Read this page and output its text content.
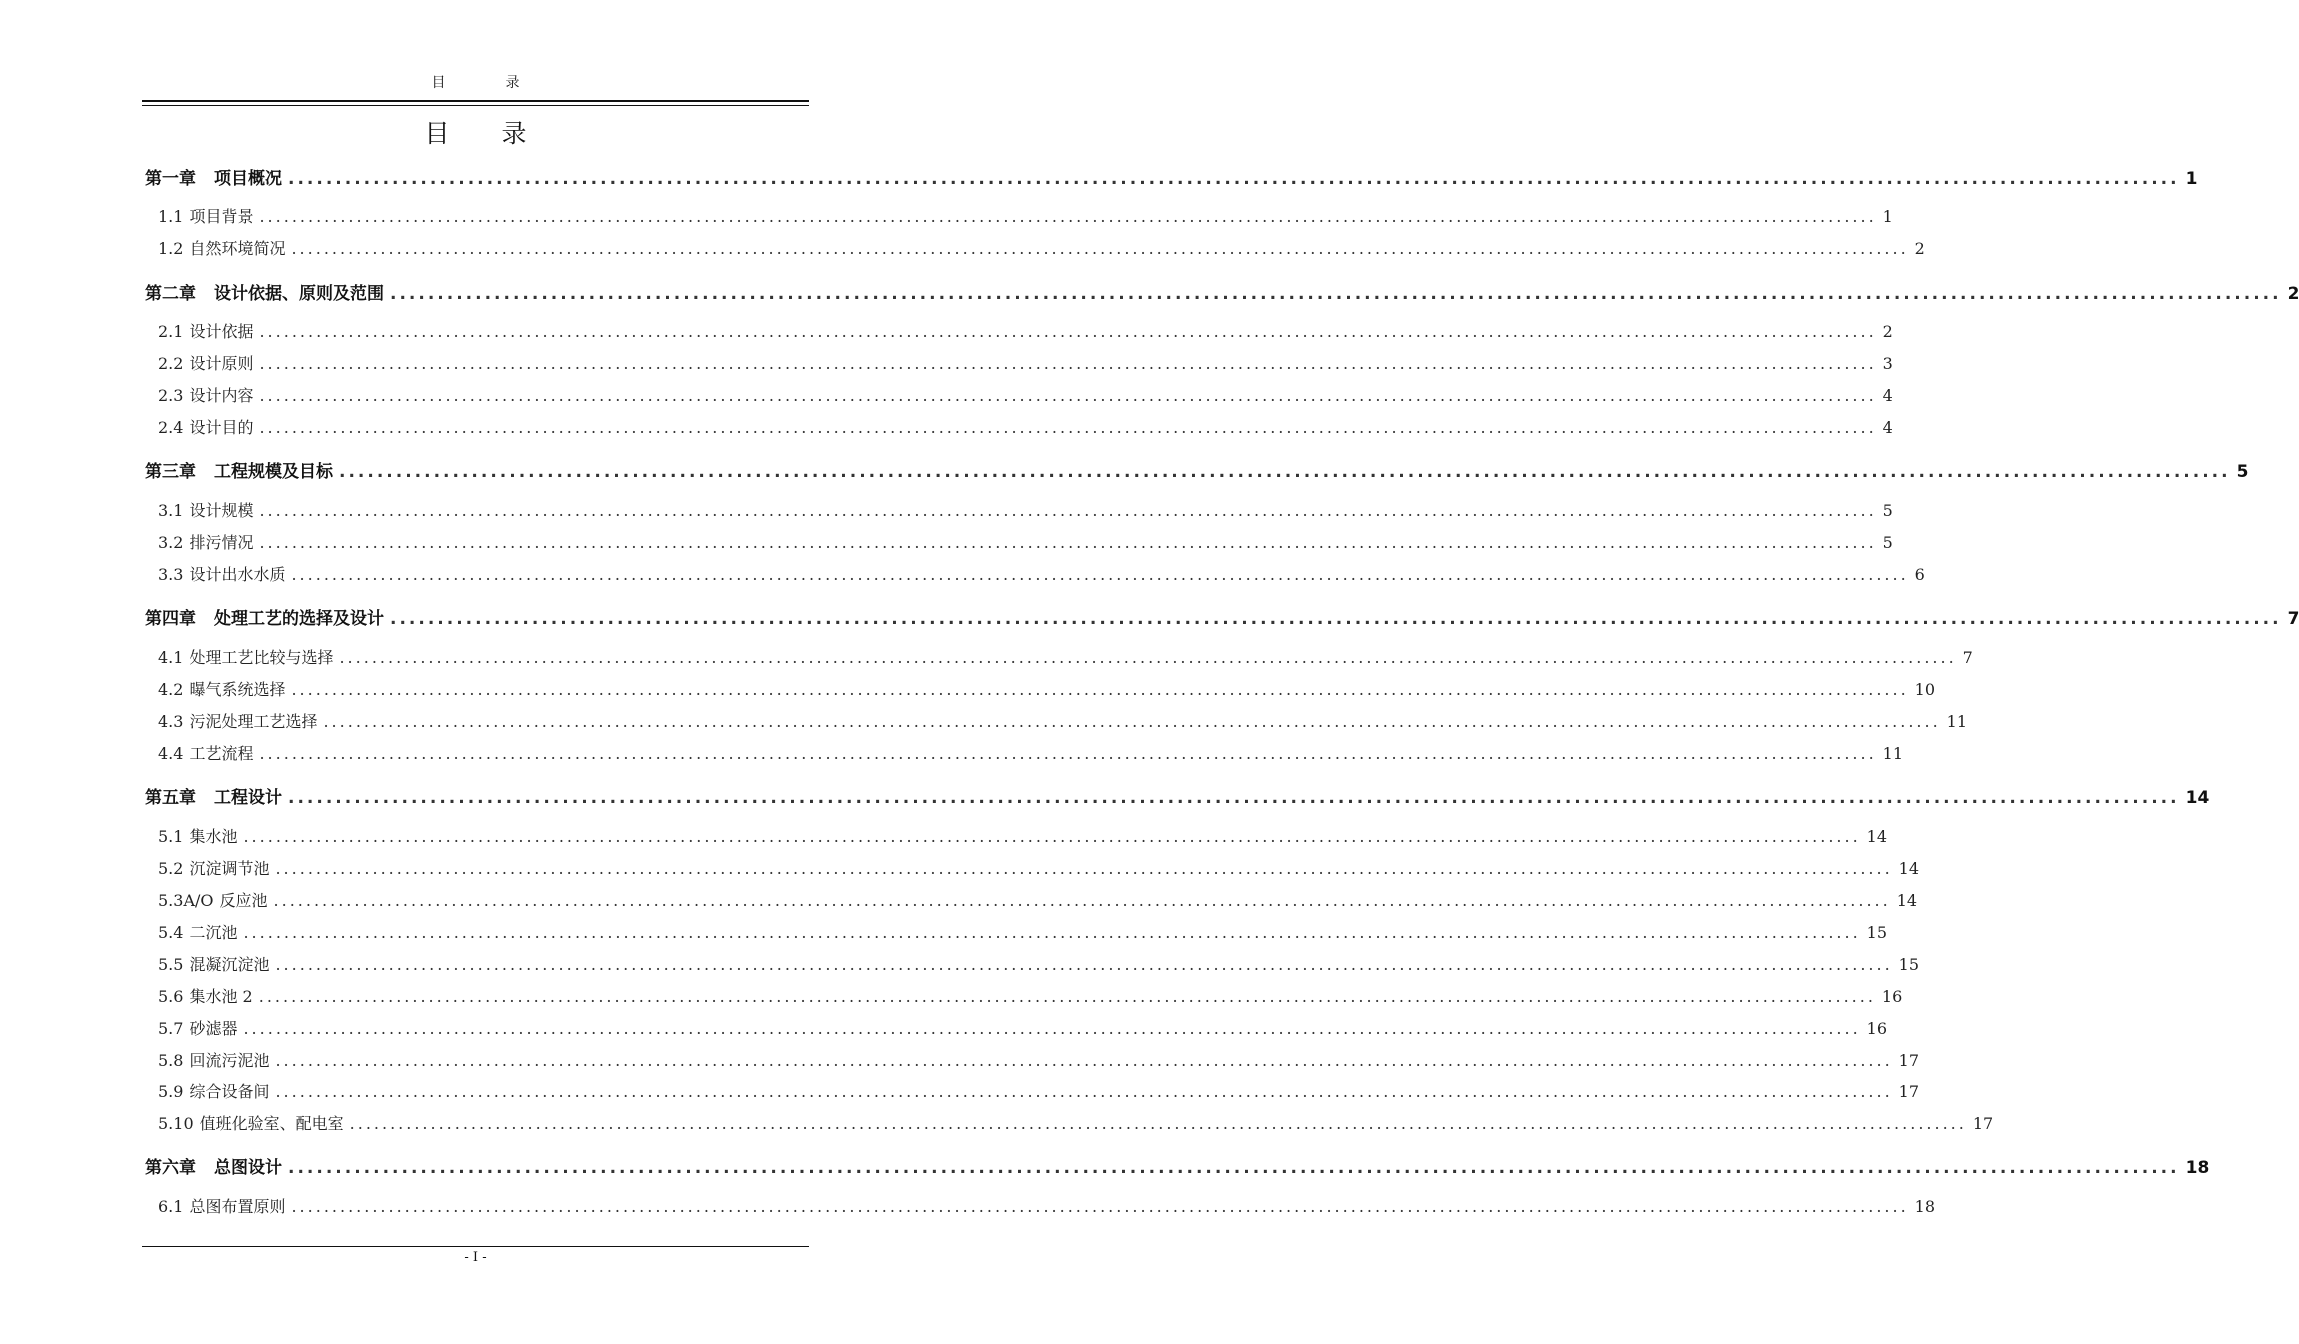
目录
目录
第一章 项目概况 ........................................................................................................................................................................................................ 1
1.1 项目背景 ........................................................................................................................................................................................................ 1
1.2 自然环境简况 ........................................................................................................................................................................................................ 2
第二章 设计依据、原则及范围 ........................................................................................................................................................................................................ 2
2.1 设计依据 ........................................................................................................................................................................................................ 2
2.2 设计原则 ........................................................................................................................................................................................................ 3
2.3 设计内容 ........................................................................................................................................................................................................ 4
2.4 设计目的 ........................................................................................................................................................................................................ 4
第三章 工程规模及目标 ........................................................................................................................................................................................................ 5
3.1 设计规模 ........................................................................................................................................................................................................ 5
3.2 排污情况 ........................................................................................................................................................................................................ 5
3.3 设计出水水质 ........................................................................................................................................................................................................ 6
第四章 处理工艺的选择及设计 ........................................................................................................................................................................................................ 7
4.1 处理工艺比较与选择 ........................................................................................................................................................................................................ 7
4.2 曝气系统选择 ........................................................................................................................................................................................................ 10
4.3 污泥处理工艺选择 ........................................................................................................................................................................................................ 11
4.4 工艺流程 ........................................................................................................................................................................................................ 11
第五章 工程设计 ........................................................................................................................................................................................................ 14
5.1 集水池 ........................................................................................................................................................................................................ 14
5.2 沉淀调节池 ........................................................................................................................................................................................................ 14
5.3A/O 反应池 ........................................................................................................................................................................................................ 14
5.4 二沉池 ........................................................................................................................................................................................................ 15
5.5 混凝沉淀池 ........................................................................................................................................................................................................ 15
5.6 集水池 2 ........................................................................................................................................................................................................ 16
5.7 砂滤器 ........................................................................................................................................................................................................ 16
5.8 回流污泥池 ........................................................................................................................................................................................................ 17
5.9 综合设备间 ........................................................................................................................................................................................................ 17
5.10 值班化验室、配电室 ........................................................................................................................................................................................................ 17
第六章 总图设计 ........................................................................................................................................................................................................ 18
6.1 总图布置原则 ........................................................................................................................................................................................................ 18
- I -
